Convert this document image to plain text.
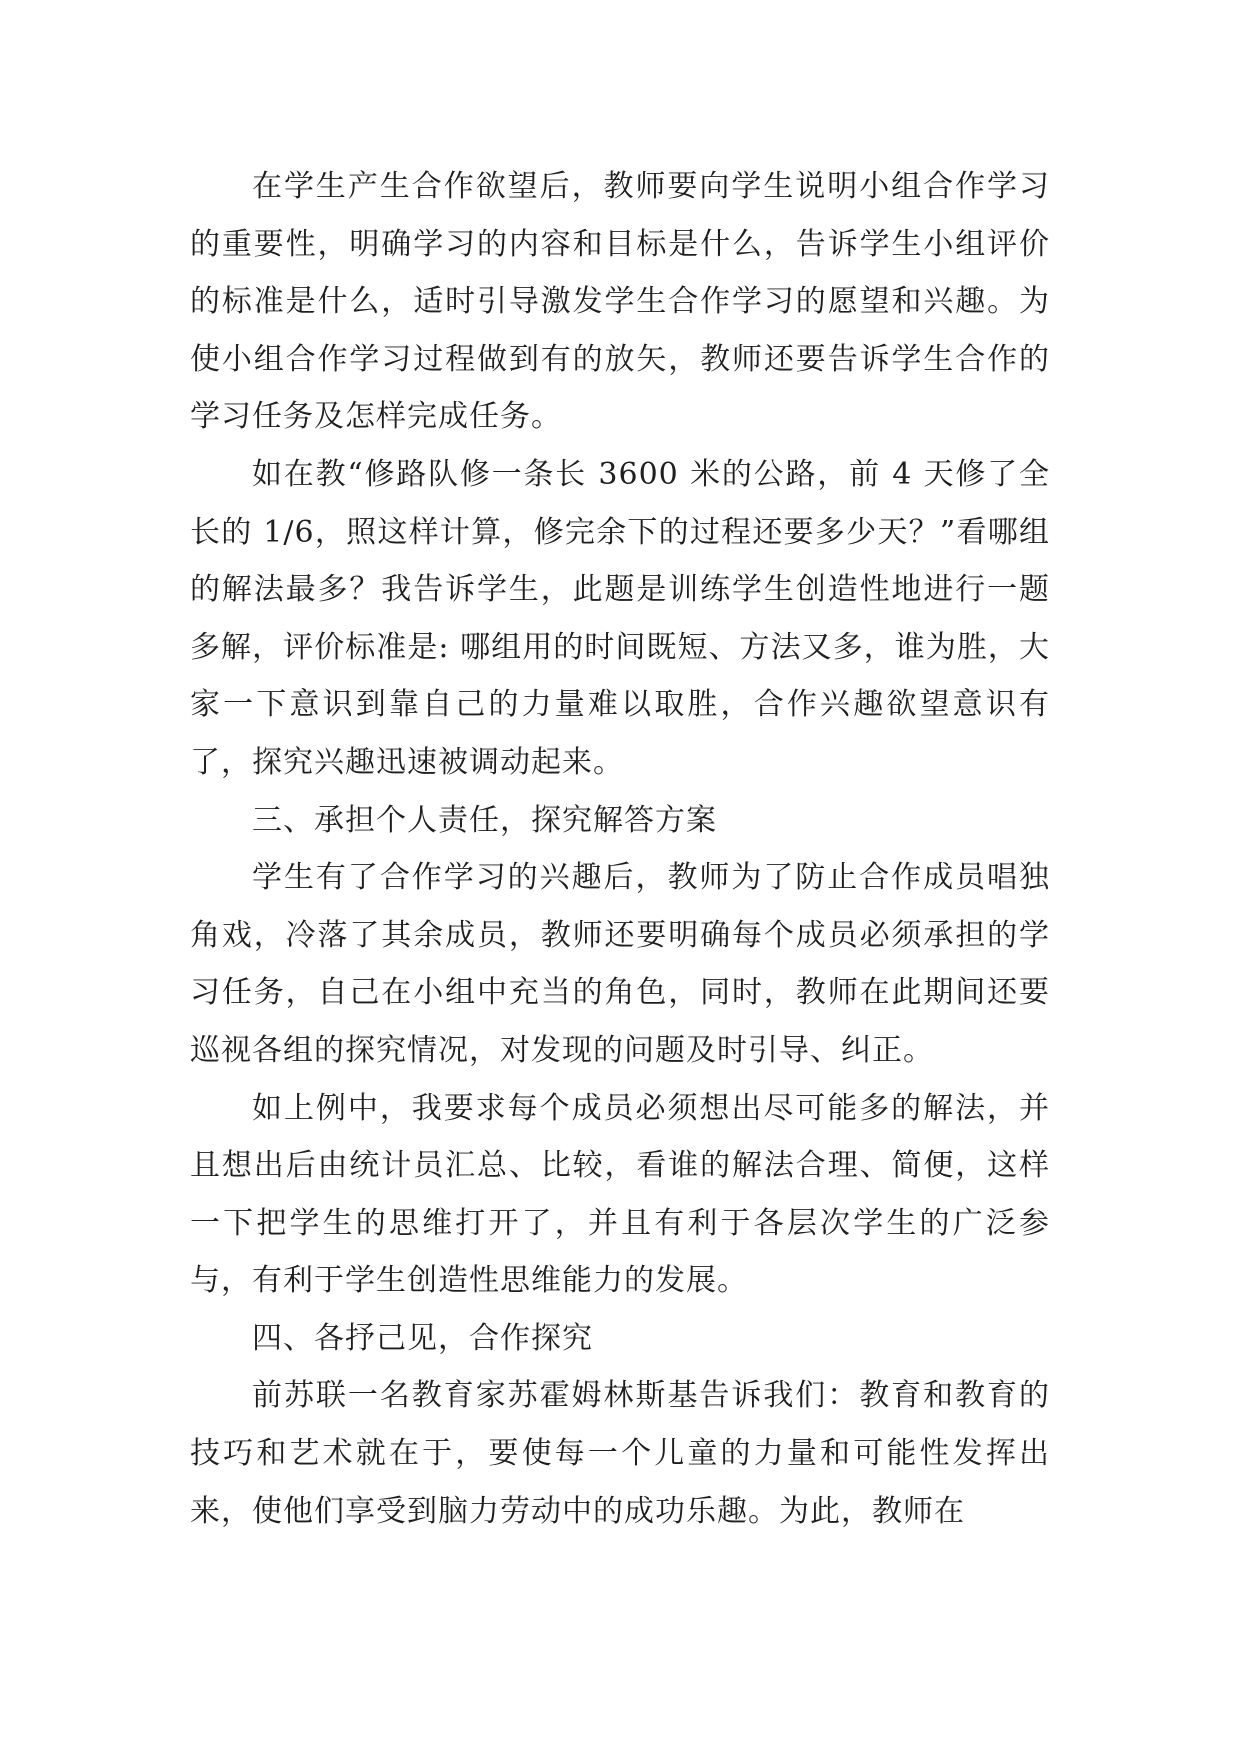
在学生产生合作欲望后，教师要向学生说明小组合作学习的重要性，明确学习的内容和目标是什么，告诉学生小组评价的标准是什么，适时引导激发学生合作学习的愿望和兴趣。为使小组合作学习过程做到有的放矢，教师还要告诉学生合作的学习任务及怎样完成任务。

如在教“修路队修一条长 3600 米的公路，前 4 天修了全长的 1/6，照这样计算，修完余下的过程还要多少天？”看哪组的解法最多？我告诉学生，此题是训练学生创造性地进行一题多解，评价标准是: 哪组用的时间既短、方法又多，谁为胜，大家一下意识到靠自己的力量难以取胜，合作兴趣欲望意识有了，探究兴趣迅速被调动起来。

三、承担个人责任，探究解答方案

学生有了合作学习的兴趣后，教师为了防止合作成员唱独角戏，冷落了其余成员，教师还要明确每个成员必须承担的学习任务，自己在小组中充当的角色，同时，教师在此期间还要巡视各组的探究情况，对发现的问题及时引导、纠正。

如上例中，我要求每个成员必须想出尽可能多的解法，并且想出后由统计员汇总、比较，看谁的解法合理、简便，这样一下把学生的思维打开了，并且有利于各层次学生的广泛参与，有利于学生创造性思维能力的发展。

四、各抒己见，合作探究

前苏联一名教育家苏霍姆林斯基告诉我们：教育和教育的技巧和艺术就在于，要使每一个儿童的力量和可能性发挥出来，使他们享受到脑力劳动中的成功乐趣。为此，教师在
